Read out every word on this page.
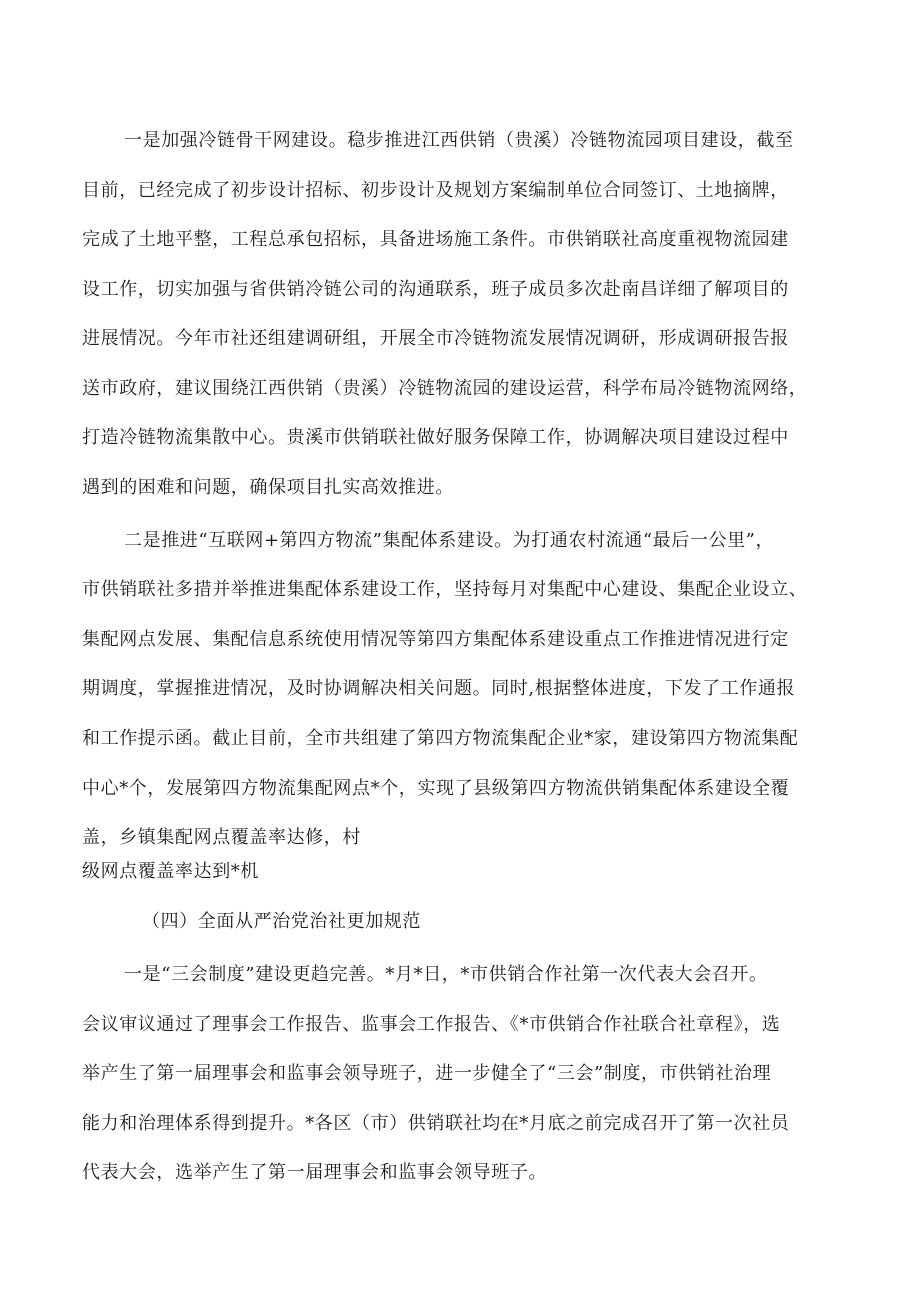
一是加强冷链骨干网建设。稳步推进江西供销（贵溪）冷链物流园项目建设，截至

目前，已经完成了初步设计招标、初步设计及规划方案编制单位合同签订、土地摘牌，

完成了土地平整，工程总承包招标，具备进场施工条件。市供销联社高度重视物流园建

设工作，切实加强与省供销冷链公司的沟通联系，班子成员多次赴南昌详细了解项目的

进展情况。今年市社还组建调研组，开展全市冷链物流发展情况调研，形成调研报告报

送市政府，建议围绕江西供销（贵溪）冷链物流园的建设运营，科学布局冷链物流网络，

打造冷链物流集散中心。贵溪市供销联社做好服务保障工作，协调解决项目建设过程中

遇到的困难和问题，确保项目扎实高效推进。

二是推进“互联网+第四方物流”集配体系建设。为打通农村流通“最后一公里”，

市供销联社多措并举推进集配体系建设工作，坚持每月对集配中心建设、集配企业设立、

集配网点发展、集配信息系统使用情况等第四方集配体系建设重点工作推进情况进行定

期调度，掌握推进情况，及时协调解决相关问题。同时,根据整体进度，下发了工作通报

和工作提示函。截止目前，全市共组建了第四方物流集配企业*家，建设第四方物流集配

中心*个，发展第四方物流集配网点*个，实现了县级第四方物流供销集配体系建设全覆

盖，乡镇集配网点覆盖率达修，村

级网点覆盖率达到*机

（四）全面从严治党治社更加规范

一是“三会制度”建设更趋完善。*月*日，*市供销合作社第一次代表大会召开。

会议审议通过了理事会工作报告、监事会工作报告、《*市供销合作社联合社章程》，选

举产生了第一届理事会和监事会领导班子，进一步健全了“三会”制度，市供销社治理

能力和治理体系得到提升。*各区（市）供销联社均在*月底之前完成召开了第一次社员

代表大会，选举产生了第一届理事会和监事会领导班子。
